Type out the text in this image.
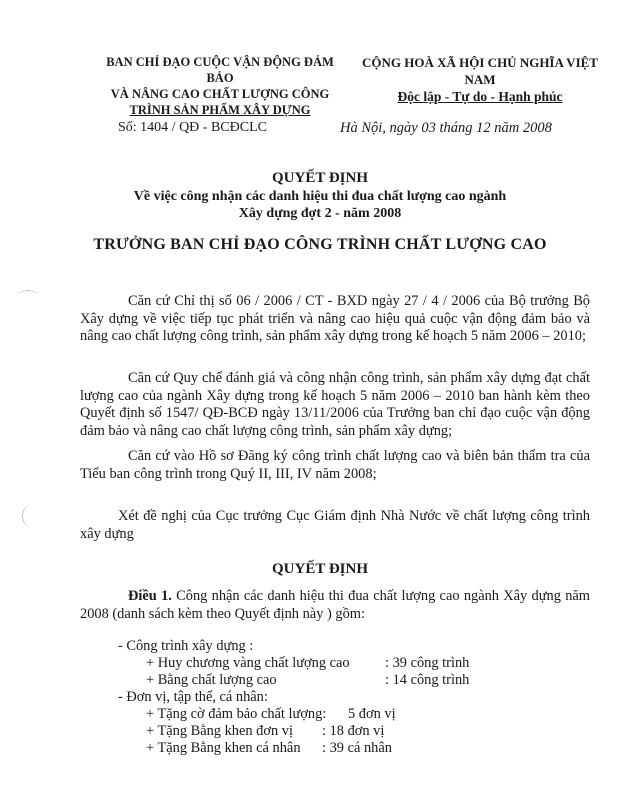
BAN CHỈ ĐẠO CUỘC VẬN ĐỘNG ĐẢM BẢO
VÀ NÂNG CAO CHẤT LƯỢNG CÔNG
TRÌNH SẢN PHẨM XÂY DỰNG
CỘNG HOÀ XÃ HỘI CHỦ NGHĨA VIỆT NAM
Độc lập - Tự do - Hạnh phúc
Số: 1404 / QĐ - BCĐCLC	Hà Nội, ngày 03 tháng 12 năm 2008
QUYẾT ĐỊNH
Về việc công nhận các danh hiệu thi đua chất lượng cao ngành
Xây dựng đợt 2 - năm 2008
TRƯỞNG BAN CHỈ ĐẠO CÔNG TRÌNH CHẤT LƯỢNG CAO
Căn cứ Chỉ thị số 06 / 2006 / CT - BXD ngày 27 / 4 / 2006 của Bộ trưởng Bộ Xây dựng về việc tiếp tục phát triển và nâng cao hiệu quả cuộc vận động đảm bảo và nâng cao chất lượng công trình, sản phẩm xây dựng trong kế hoạch 5 năm 2006 – 2010;
Căn cứ Quy chế đánh giá và công nhận công trình, sản phẩm xây dựng đạt chất lượng cao của ngành Xây dựng trong kế hoạch 5 năm 2006 – 2010 ban hành kèm theo Quyết định số 1547/ QĐ-BCĐ ngày 13/11/2006 của Trưởng ban chỉ đạo cuộc vận động đảm bảo và nâng cao chất lượng công trình, sản phẩm xây dựng;
Căn cứ vào Hồ sơ Đăng ký công trình chất lượng cao và biên bản thẩm tra của Tiểu ban công trình trong Quý II, III, IV năm 2008;
Xét đề nghị của Cục trưởng Cục Giám định Nhà Nước về chất lượng công trình xây dựng
QUYẾT ĐỊNH
Điều 1. Công nhận các danh hiệu thi đua chất lượng cao ngành Xây dựng năm 2008 (danh sách kèm theo Quyết định này ) gồm:
- Công trình xây dựng :
+ Huy chương vàng chất lượng cao : 39 công trình
+ Bằng chất lượng cao	: 14 công trình
- Đơn vị, tập thể, cá nhân:
+ Tặng cờ đảm bảo chất lượng: 5 đơn vị
+ Tặng Bằng khen đơn vị : 18 đơn vị
+ Tặng Bằng khen cá nhân : 39 cá nhân
